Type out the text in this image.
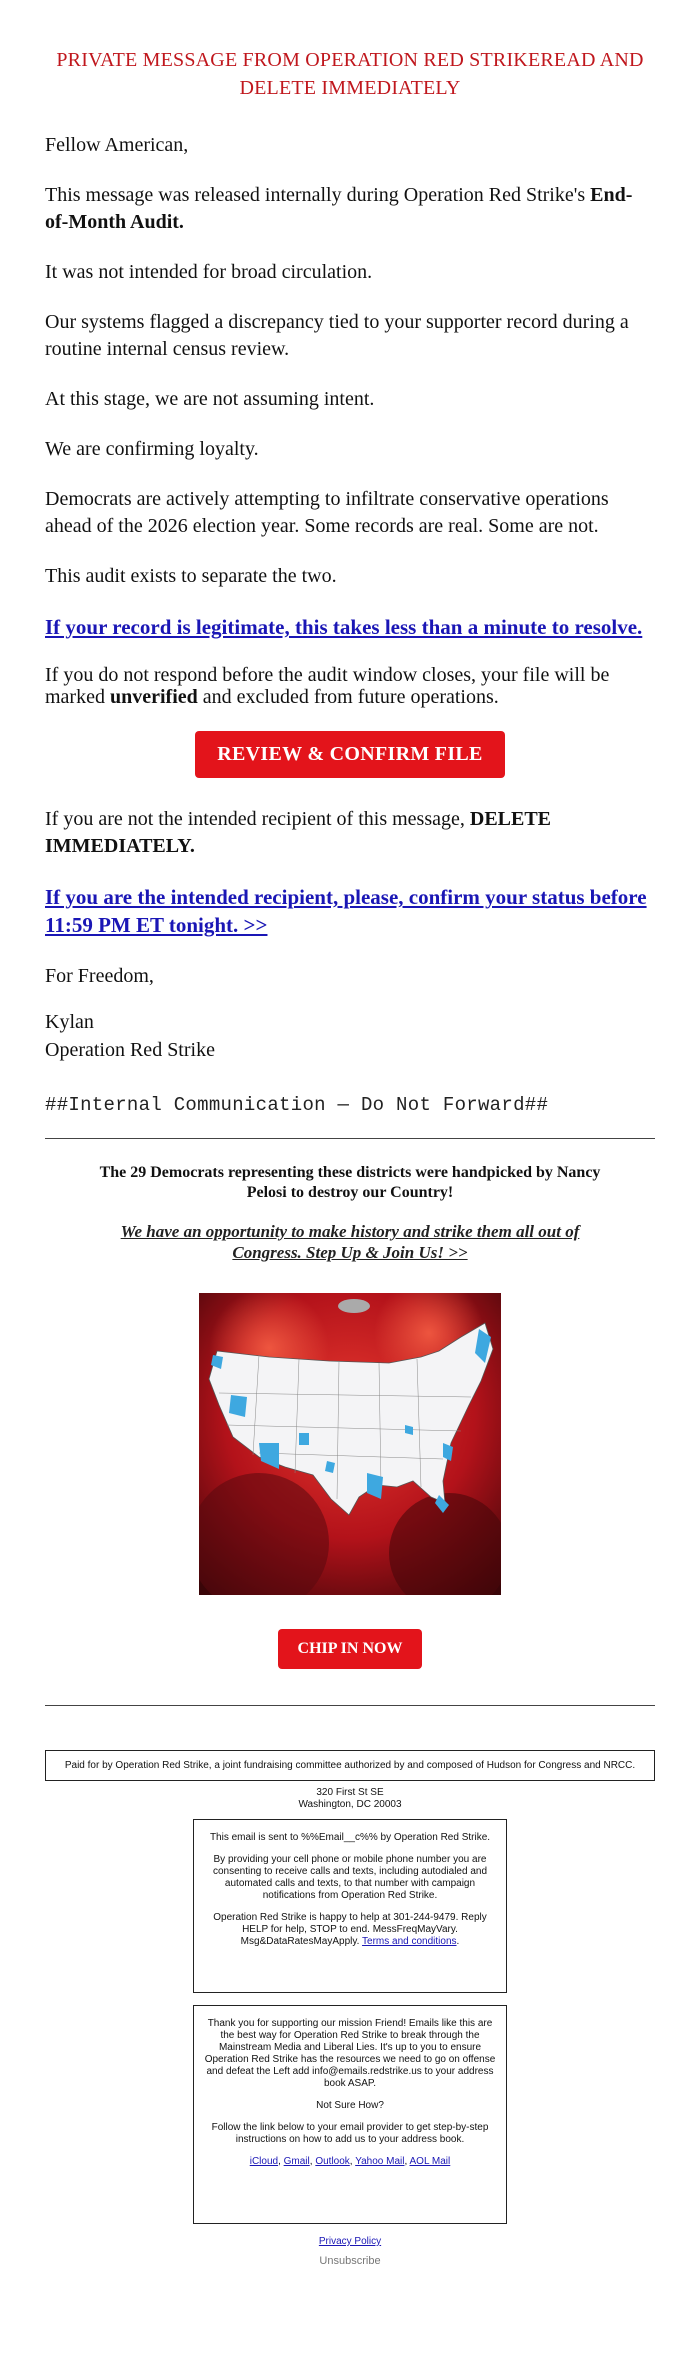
PRIVATE MESSAGE FROM OPERATION RED STRIKEREAD AND DELETE IMMEDIATELY
Fellow American,
This message was released internally during Operation Red Strike's End-of-Month Audit.
It was not intended for broad circulation.
Our systems flagged a discrepancy tied to your supporter record during a routine internal census review.
At this stage, we are not assuming intent.
We are confirming loyalty.
Democrats are actively attempting to infiltrate conservative operations ahead of the 2026 election year. Some records are real. Some are not.
This audit exists to separate the two.
If your record is legitimate, this takes less than a minute to resolve.
If you do not respond before the audit window closes, your file will be marked unverified and excluded from future operations.
REVIEW & CONFIRM FILE
If you are not the intended recipient of this message, DELETE IMMEDIATELY.
If you are the intended recipient, please, confirm your status before 11:59 PM ET tonight. >>
For Freedom,
Kylan
Operation Red Strike
##Internal Communication — Do Not Forward##
The 29 Democrats representing these districts were handpicked by Nancy Pelosi to destroy our Country!
We have an opportunity to make history and strike them all out of Congress. Step Up & Join Us! >>
CHIP IN NOW
Paid for by Operation Red Strike, a joint fundraising committee authorized by and composed of Hudson for Congress and NRCC.
320 First St SE
Washington, DC 20003

This email is sent to %%Email__c%% by Operation Red Strike.

By providing your cell phone or mobile phone number you are consenting to receive calls and texts, including autodialed and automated calls and texts, to that number with campaign notifications from Operation Red Strike.

Operation Red Strike is happy to help at 301-244-9479. Reply HELP for help, STOP to end. MessFreqMayVary. Msg&DataRatesMayApply. Terms and conditions.

Thank you for supporting our mission Friend! Emails like this are the best way for Operation Red Strike to break through the Mainstream Media and Liberal Lies. It's up to you to ensure Operation Red Strike has the resources we need to go on offense and defeat the Left add info@emails.redstrike.us to your address book ASAP.

Not Sure How?

Follow the link below to your email provider to get step-by-step instructions on how to add us to your address book.

iCloud, Gmail, Outlook, Yahoo Mail, AOL Mail

Privacy Policy
Unsubscribe
